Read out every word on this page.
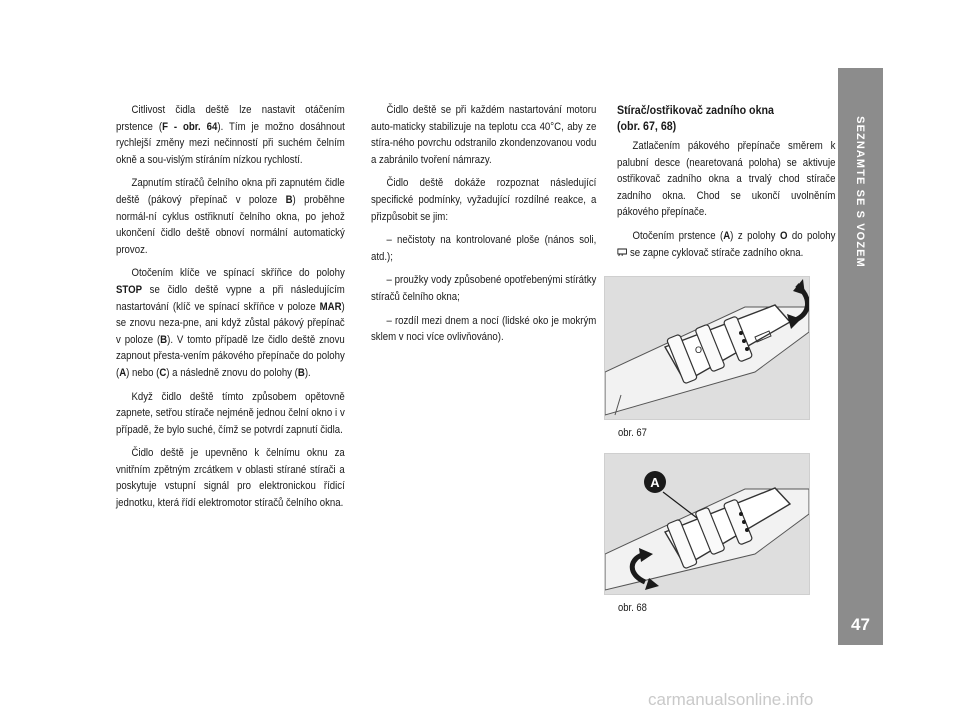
Citlivost čidla deště lze nastavit otáčením prstence (F - obr. 64). Tím je možno dosáhnout rychlejší změny mezi nečinností při suchém čelním okně a sou-vislým stíráním nízkou rychlostí.

Zapnutím stíračů čelního okna při zapnutém čidle deště (pákový přepínač v poloze B) proběhne normál-ní cyklus ostřiknutí čelního okna, po jehož ukončení čidlo deště obnoví normální automatický provoz.

Otočením klíče ve spínací skříňce do polohy STOP se čidlo deště vypne a při následujícím nastartování (klíč ve spínací skříňce v poloze MAR) se znovu neza-pne, ani když zůstal pákový přepínač v poloze (B). V tomto případě lze čidlo deště znovu zapnout přesta-vením pákového přepínače do polohy (A) nebo (C) a následně znovu do polohy (B).

Když čidlo deště tímto způsobem opětovně zapnete, setřou stírače nejméně jednou čelní okno i v případě, že bylo suché, čímž se potvrdí zapnutí čidla.

Čidlo deště je upevněno k čelnímu oknu za vnitřním zpětným zrcátkem v oblasti stírané stírači a poskytuje vstupní signál pro elektronickou řídicí jednotku, která řídí elektromotor stíračů čelního okna.

Čidlo deště se při každém nastartování motoru auto-maticky stabilizuje na teplotu cca 40°C, aby ze stíra-ného povrchu odstranilo zkondenzovanou vodu a zabránilo tvoření námrazy.

Čidlo deště dokáže rozpoznat následující specifické podmínky, vyžadující rozdílné reakce, a přizpůsobit se jim:

– nečistoty na kontrolované ploše (nános soli, atd.);

– proužky vody způsobené opotřebenými stírátky stíračů čelního okna;

– rozdíl mezi dnem a nocí (lidské oko je mokrým sklem v noci více ovlivňováno).

Stírač/ostřikovač zadního okna
(obr. 67, 68)

Zatlačením pákového přepínače směrem k palubní desce (nearetovaná poloha) se aktivuje ostřikovač zadního okna a trvalý chod stírače zadního okna. Chod se ukončí uvolněním pákového přepínače.

Otočením prstence (A) z polohy O do polohy  se zapne cyklovač stírače zadního okna.

O
obr. 67
A
obr. 68
SEZNAMTE SE S VOZEM
47
carmanualsonline.info
